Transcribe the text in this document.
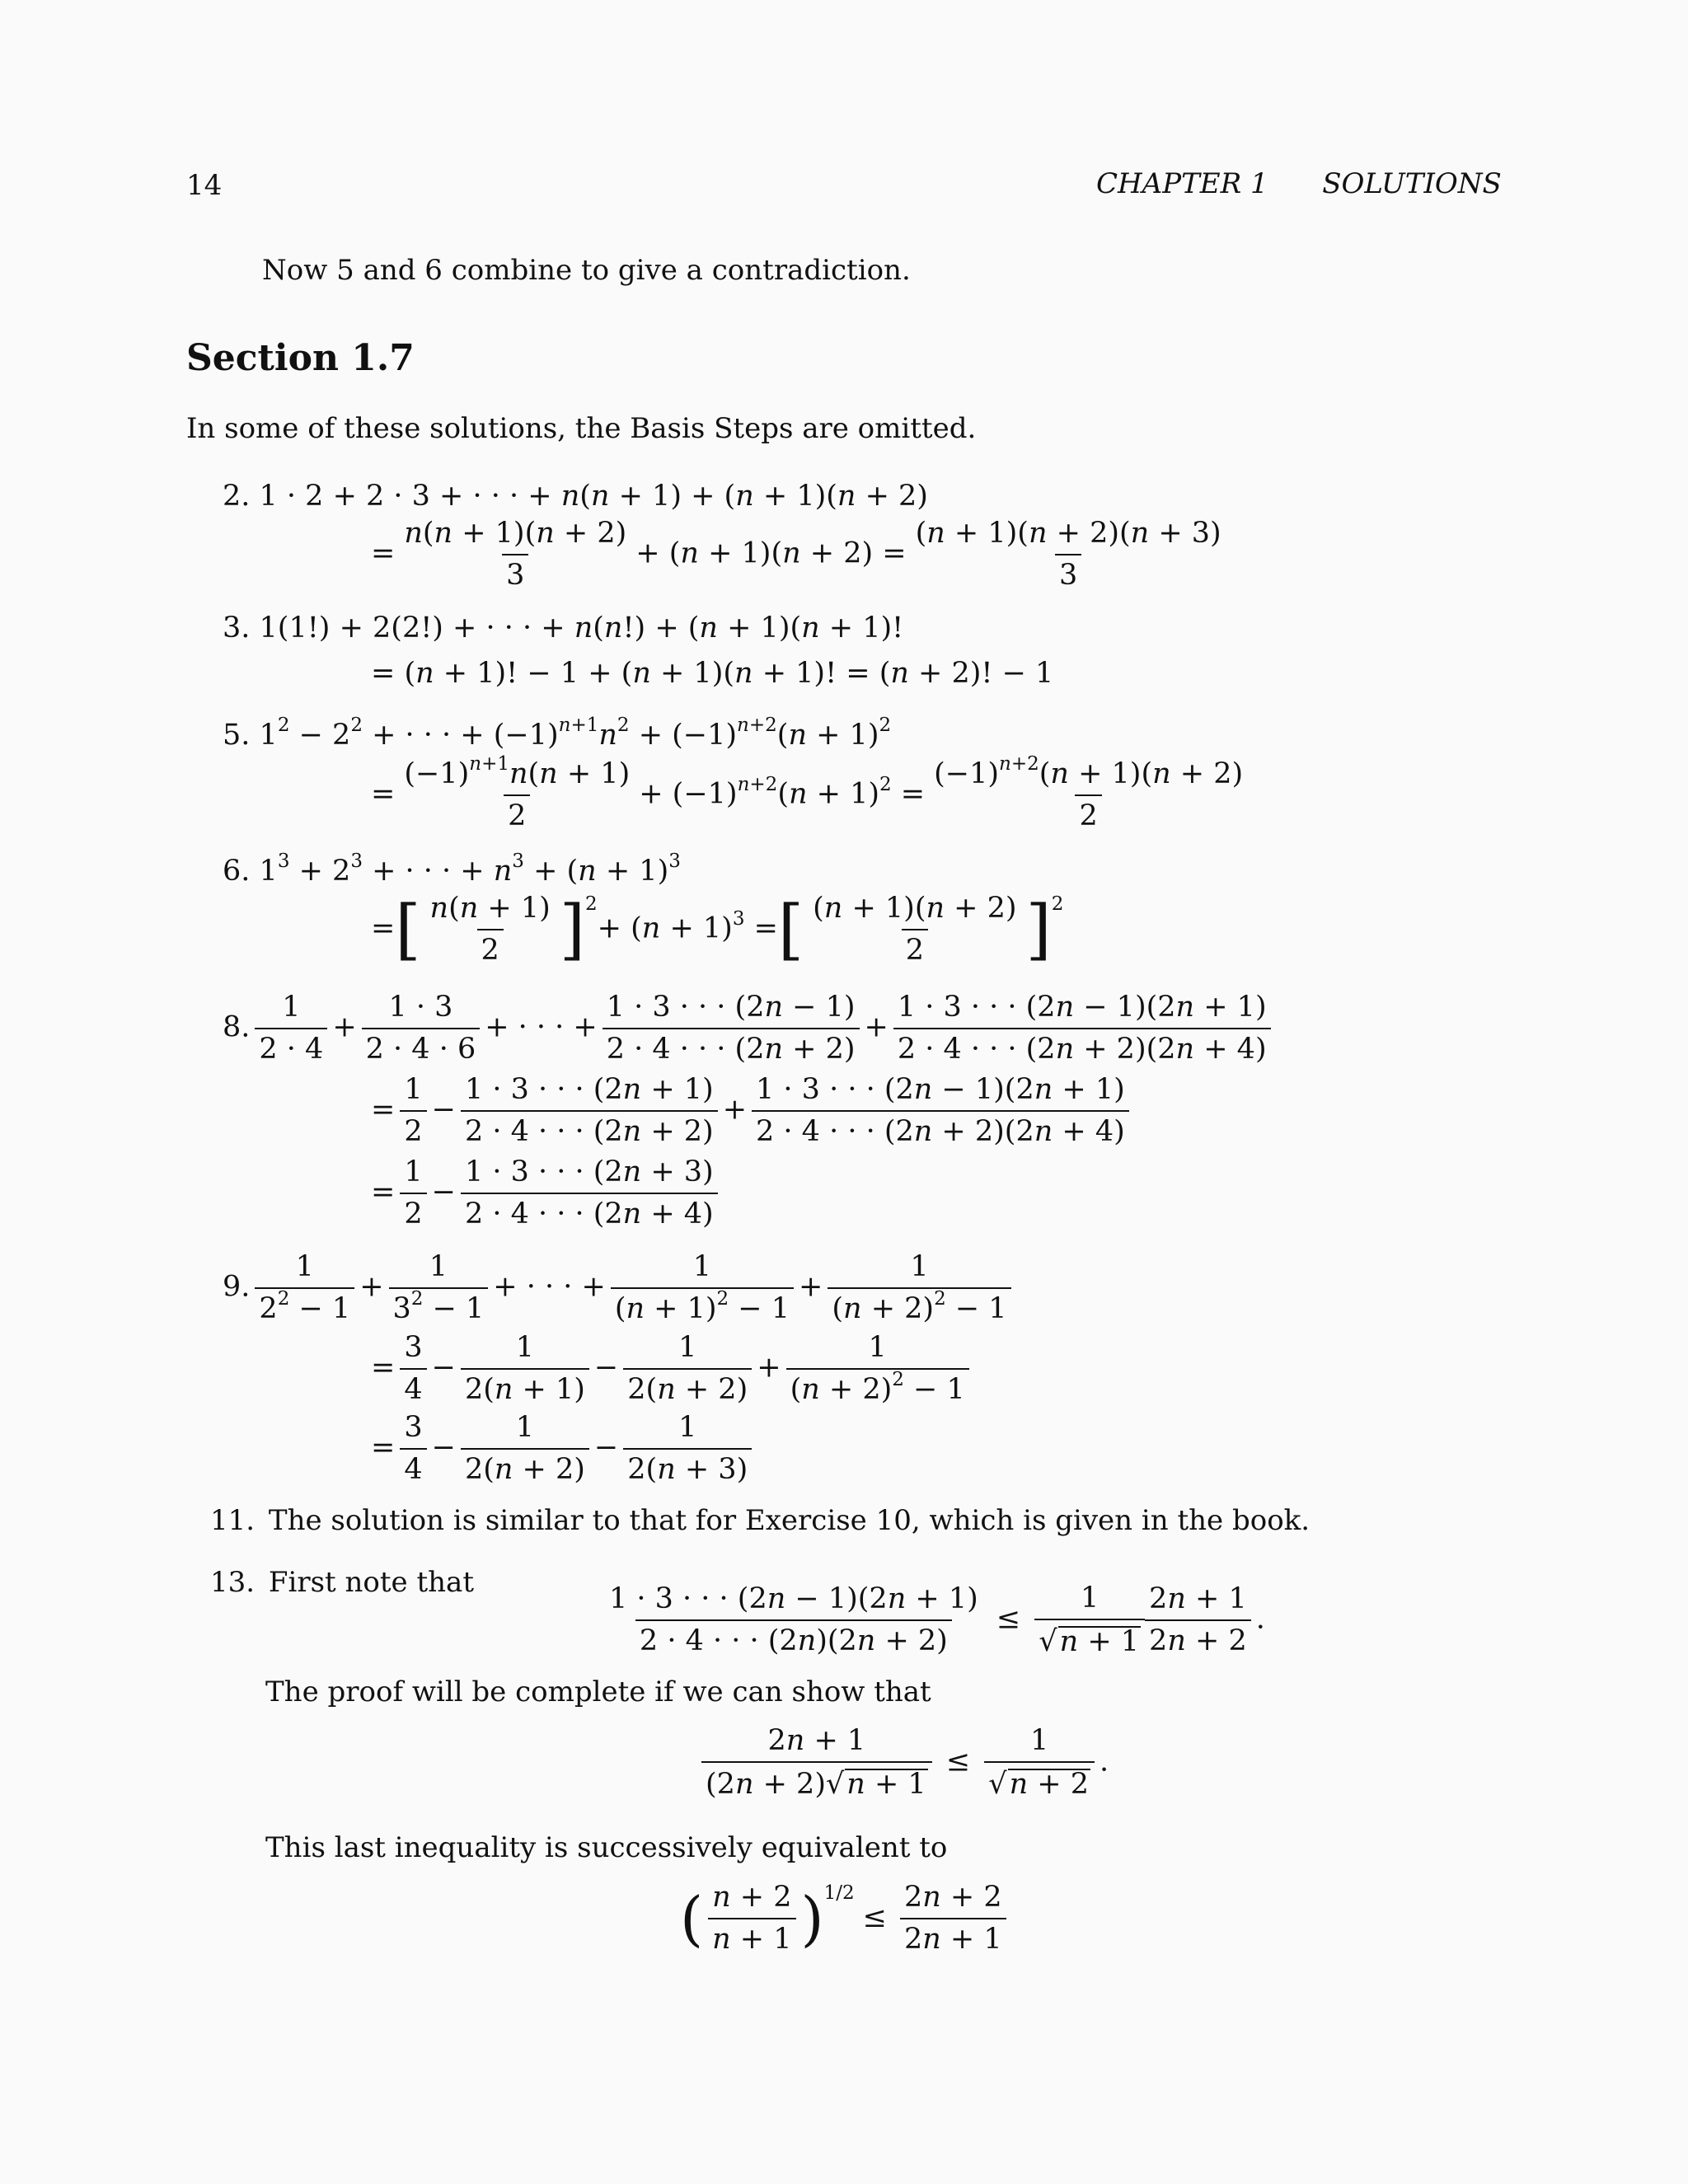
14	CHAPTER 1 SOLUTIONS
Now 5 and 6 combine to give a contradiction.
Section 1.7
In some of these solutions, the Basis Steps are omitted.
2. 1 · 2 + 2 · 3 + · · · + n(n + 1) + (n + 1)(n + 2)
= $\frac{n(n + 1)(n + 2)}{3} + (n + 1)(n + 2) = \frac{(n + 1)(n + 2)(n + 3)}{3}$
3. 1(1!) + 2(2!) + · · · + n(n!) + (n + 1)(n + 1)!
= (n + 1)! − 1 + (n + 1)(n + 1)! = (n + 2)! − 1
5. $1^2 - 2^2$ + · · · + $(-1)^{n+1}n^2 + (-1)^{n+2}(n + 1)^2$
= $\frac{(-1)^{n+1}n(n + 1)}{2} + (-1)^{n+2}(n + 1)^2 = \frac{(-1)^{n+2}(n + 1)(n + 2)}{2}$
6. $1^3 + 2^3$ + · · · + $n^3 + (n + 1)^3$
=[ $\frac{n(n + 1)}{2} ]^2+ (n + 1)^3$ =[ $\frac{(n + 1)(n + 2)}{2} ]^2$
8. $\frac{1}{2 \cdot 4} + \frac{1 \cdot 3}{2 \cdot 4 \cdot 6}$ + · · · + $\frac{1 \cdot 3 \cdot \cdot \cdot (2n - 1)}{2 \cdot 4 \cdot \cdot \cdot (2n + 2)} + \frac{1 \cdot 3 \cdot \cdot \cdot (2n - 1)(2n + 1)}{2 \cdot 4 \cdot \cdot \cdot (2n + 2)(2n + 4)}$
= $\frac{1}{2} - \frac{1 \cdot 3 \cdot \cdot \cdot (2n + 1)}{2 \cdot 4 \cdot \cdot \cdot (2n + 2)} + \frac{1 \cdot 3 \cdot \cdot \cdot (2n - 1)(2n + 1)}{2 \cdot 4 \cdot \cdot \cdot (2n + 2)(2n + 4)}$
= $\frac{1}{2} - \frac{1 \cdot 3 \cdot \cdot \cdot (2n + 3)}{2 \cdot 4 \cdot \cdot \cdot (2n + 4)}$
9. $\frac{1}{2^2 - 1} + \frac{1}{3^2 - 1}$ + · · · + $\frac{1}{(n + 1)^2 - 1} + \frac{1}{(n + 2)^2 - 1}$
= $\frac{3}{4} - \frac{1}{2(n + 1)} - \frac{1}{2(n + 2)} + \frac{1}{(n + 2)^2 - 1}$
= $\frac{3}{4} - \frac{1}{2(n + 2)} - \frac{1}{2(n + 3)}$
11. The solution is similar to that for Exercise 10, which is given in the book.
13. First note that
$\frac{1 \cdot 3 \cdot \cdot \cdot (2n - 1)(2n + 1)}{2 \cdot 4 \cdot \cdot \cdot (2n)(2n + 2)} \le \frac{1}{√n + 1} \frac{2n + 1}{2n + 2}$ .
The proof will be complete if we can show that
$\frac{2n + 1}{(2n + 2)√n + 1} \le \frac{1}{√n + 2}$ .
This last inequality is successively equivalent to
( $\frac{n + 2}{n + 1} )^{1/2}\le \frac{2n + 2}{2n + 1}$
